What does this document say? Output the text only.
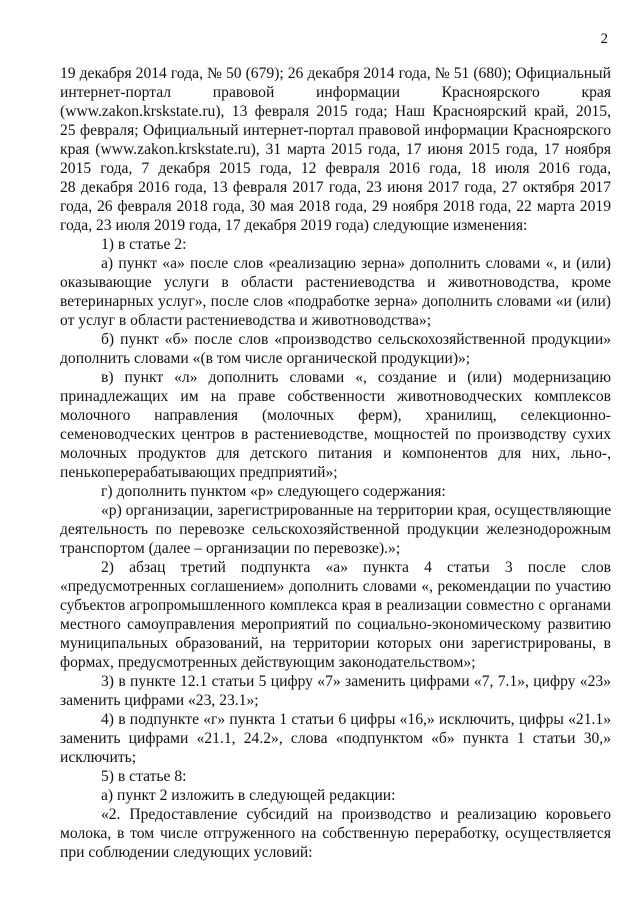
2
19 декабря 2014 года, № 50 (679); 26 декабря 2014 года, № 51 (680); Официальный
интернет-портал правовой информации Красноярского края
(www.zakon.krskstate.ru), 13 февраля 2015 года; Наш Красноярский край, 2015,
25 февраля; Официальный интернет-портал правовой информации Красноярского
края (www.zakon.krskstate.ru), 31 марта 2015 года, 17 июня 2015 года, 17 ноября
2015 года, 7 декабря 2015 года, 12 февраля 2016 года, 18 июля 2016 года,
28 декабря 2016 года, 13 февраля 2017 года, 23 июня 2017 года, 27 октября 2017
года, 26 февраля 2018 года, 30 мая 2018 года, 29 ноября 2018 года, 22 марта 2019
года, 23 июля 2019 года, 17 декабря 2019 года) следующие изменения:
1) в статье 2:
а) пункт «а» после слов «реализацию зерна» дополнить словами «, и (или)
оказывающие услуги в области растениеводства и животноводства, кроме
ветеринарных услуг», после слов «подработке зерна» дополнить словами «и (или)
от услуг в области растениеводства и животноводства»;
б) пункт «б» после слов «производство сельскохозяйственной продукции»
дополнить словами «(в том числе органической продукции)»;
в) пункт «л» дополнить словами «, создание и (или) модернизацию
принадлежащих им на праве собственности животноводческих комплексов
молочного направления (молочных ферм), хранилищ, селекционно-
семеноводческих центров в растениеводстве, мощностей по производству сухих
молочных продуктов для детского питания и компонентов для них, льно-,
пенькоперерабатывающих предприятий»;
г) дополнить пунктом «р» следующего содержания:
«р) организации, зарегистрированные на территории края, осуществляющие
деятельность по перевозке сельскохозяйственной продукции железнодорожным
транспортом (далее – организации по перевозке).»;
2) абзац третий подпункта «а» пункта 4 статьи 3 после слов
«предусмотренных соглашением» дополнить словами «, рекомендации по участию
субъектов агропромышленного комплекса края в реализации совместно с органами
местного самоуправления мероприятий по социально-экономическому развитию
муниципальных образований, на территории которых они зарегистрированы, в
формах, предусмотренных действующим законодательством»;
3) в пункте 12.1 статьи 5 цифру «7» заменить цифрами «7, 7.1», цифру «23»
заменить цифрами «23, 23.1»;
4) в подпункте «г» пункта 1 статьи 6 цифры «16,» исключить, цифры «21.1»
заменить цифрами «21.1, 24.2», слова «подпунктом «б» пункта 1 статьи 30,»
исключить;
5) в статье 8:
а) пункт 2 изложить в следующей редакции:
«2. Предоставление субсидий на производство и реализацию коровьего
молока, в том числе отгруженного на собственную переработку, осуществляется
при соблюдении следующих условий:
